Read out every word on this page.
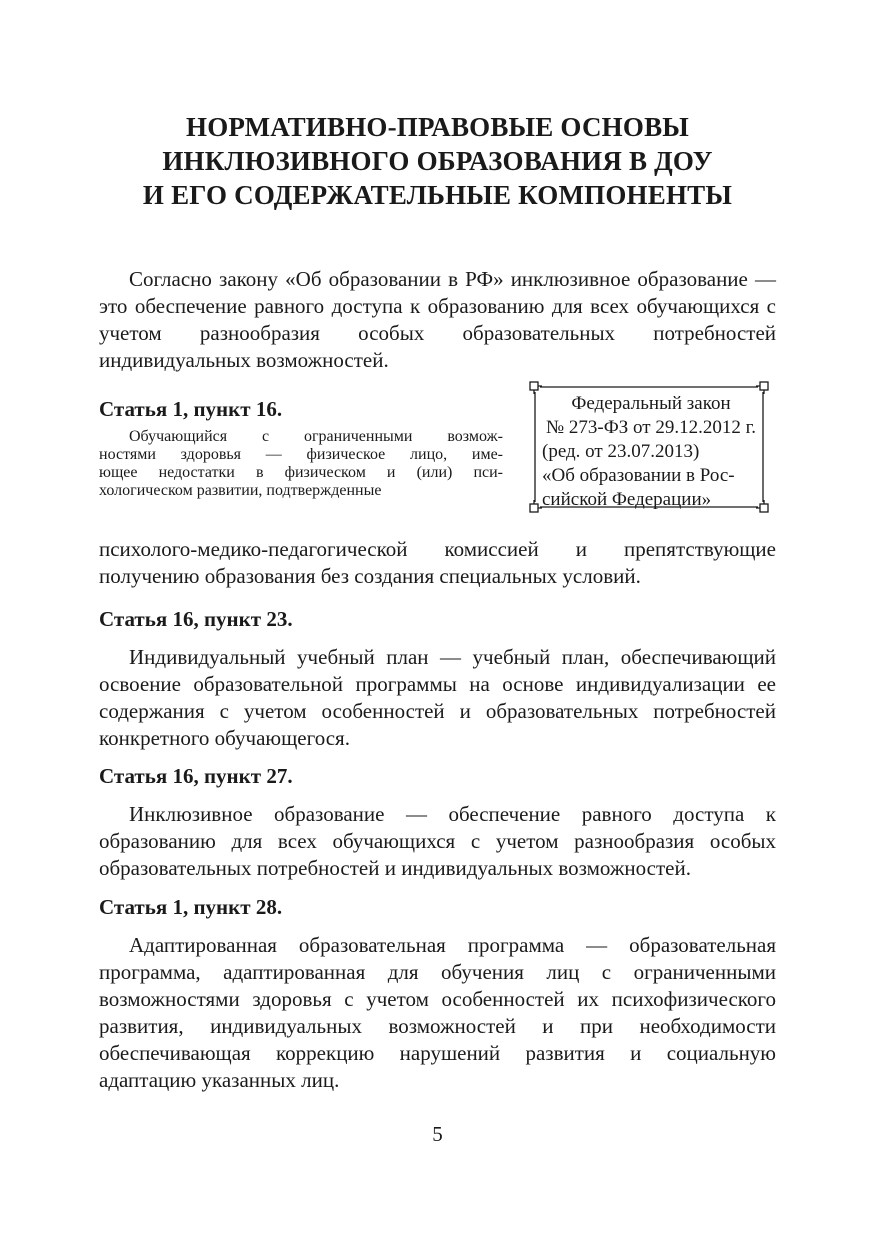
НОРМАТИВНО-ПРАВОВЫЕ ОСНОВЫ
ИНКЛЮЗИВНОГО ОБРАЗОВАНИЯ В ДОУ
И ЕГО СОДЕРЖАТЕЛЬНЫЕ КОМПОНЕНТЫ

Согласно закону «Об образовании в РФ» инклюзивное образование — это обеспечение равного доступа к образованию для всех обучающихся с учетом разнообразия особых образовательных потребностей индивидуальных возможностей.

Статья 1, пункт 16.

Обучающийся с ограниченными возмож-
ностями здоровья — физическое лицо, име-
ющее недостатки в физическом и (или) пси-
хологическом развитии, подтвержденные

психолого-медико-педагогической комиссией и препятствующие получению образования без создания специальных условий.

Статья 16, пункт 23.

Индивидуальный учебный план — учебный план, обеспечивающий освоение образовательной программы на основе индивидуализации ее содержания с учетом особенностей и образовательных потребностей конкретного обучающегося.

Статья 16, пункт 27.

Инклюзивное образование — обеспечение равного доступа к образованию для всех обучающихся с учетом разнообразия особых образовательных потребностей и индивидуальных возможностей.

Статья 1, пункт 28.

Адаптированная образовательная программа — образовательная программа, адаптированная для обучения лиц с ограниченными возможностями здоровья с учетом особенностей их психофизического развития, индивидуальных возможностей и при необходимости обеспечивающая коррекцию нарушений развития и социальную адаптацию указанных лиц.

Федеральный закон
№ 273-ФЗ от 29.12.2012 г.
(ред. от 23.07.2013)
«Об образовании в Рос-
сийской Федерации»
5
